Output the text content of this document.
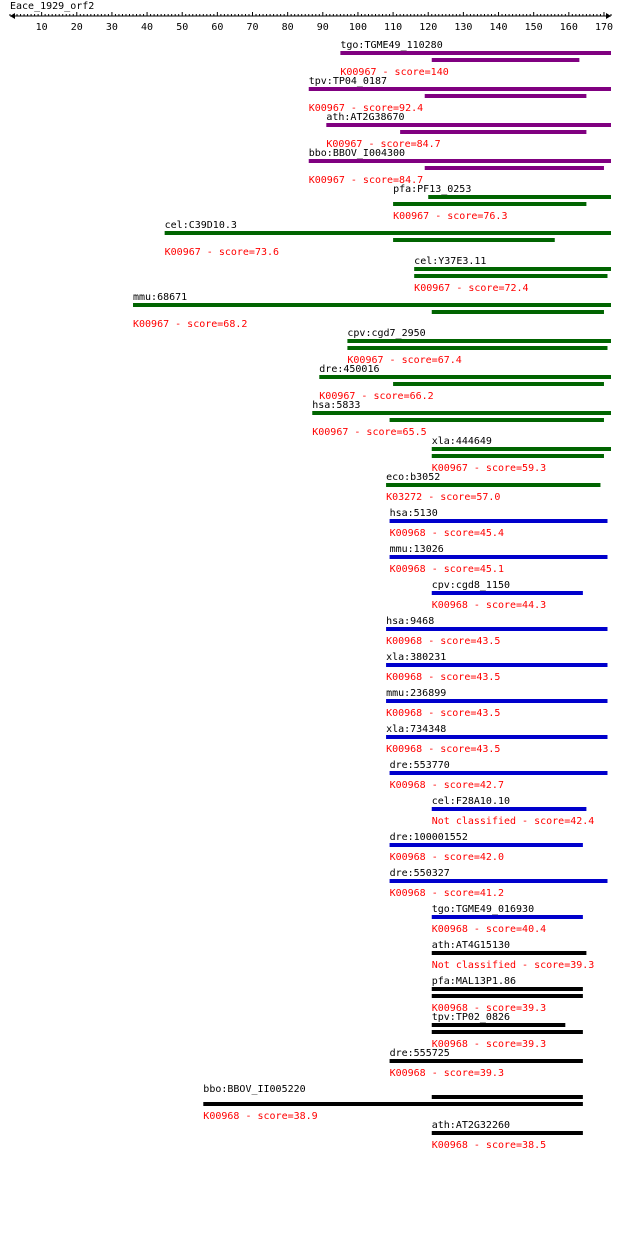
Eace_1929_orf2
10 20 30 40 50 60 70 80 90 100 110 120 130 140 150 160 170
tgo:TGME49_110280
K00967 - score=140
tpv:TP04_0187
K00967 - score=92.4
ath:AT2G38670
K00967 - score=84.7
bbo:BBOV_I004300
K00967 - score=84.7
pfa:PF13_0253
K00967 - score=76.3
cel:C39D10.3
K00967 - score=73.6
cel:Y37E3.11
K00967 - score=72.4
mmu:68671
K00967 - score=68.2
cpv:cgd7_2950
K00967 - score=67.4
dre:450016
K00967 - score=66.2
hsa:5833
K00967 - score=65.5
xla:444649
K00967 - score=59.3
eco:b3052
K03272 - score=57.0
hsa:5130
K00968 - score=45.4
mmu:13026
K00968 - score=45.1
cpv:cgd8_1150
K00968 - score=44.3
hsa:9468
K00968 - score=43.5
xla:380231
K00968 - score=43.5
mmu:236899
K00968 - score=43.5
xla:734348
K00968 - score=43.5
dre:553770
K00968 - score=42.7
cel:F28A10.10
Not classified - score=42.4
dre:100001552
K00968 - score=42.0
dre:550327
K00968 - score=41.2
tgo:TGME49_016930
K00968 - score=40.4
ath:AT4G15130
Not classified - score=39.3
pfa:MAL13P1.86
K00968 - score=39.3
tpv:TP02_0826
K00968 - score=39.3
dre:555725
K00968 - score=39.3
bbo:BBOV_II005220
K00968 - score=38.9
ath:AT2G32260
K00968 - score=38.5
